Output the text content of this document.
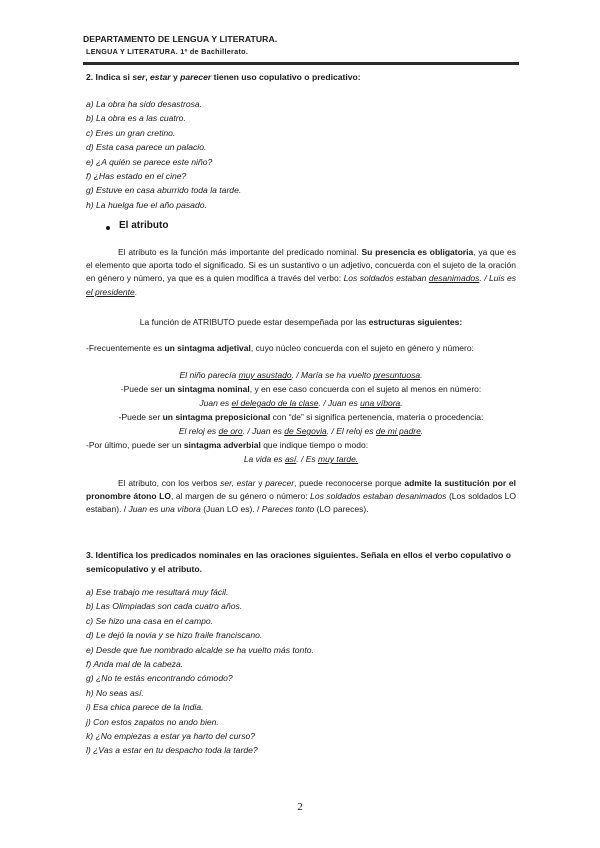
DEPARTAMENTO DE LENGUA Y LITERATURA.
LENGUA Y LITERATURA. 1º de Bachillerato.
2. Indica si ser, estar y parecer tienen uso copulativo o predicativo:
a) La obra ha sido desastrosa.
b) La obra es a las cuatro.
c) Eres un gran cretino.
d) Esta casa parece un palacio.
e) ¿A quién se parece este niño?
f) ¿Has estado en el cine?
g) Estuve en casa aburrido toda la tarde.
h) La huelga fue el año pasado.
El atributo
El atributo es la función más importante del predicado nominal. Su presencia es obligatoria, ya que es el elemento que aporta todo el significado. Si es un sustantivo o un adjetivo, concuerda con el sujeto de la oración en género y número, ya que es a quien modifica a través del verbo: Los soldados estaban desanimados. / Luis es el presidente.
La función de ATRIBUTO puede estar desempeñada por las estructuras siguientes:
-Frecuentemente es un sintagma adjetival, cuyo núcleo concuerda con el sujeto en género y número:
El niño parecía muy asustado. / María se ha vuelto presuntuosa.
-Puede ser un sintagma nominal, y en ese caso concuerda con el sujeto al menos en número:
Juan es el delegado de la clase. / Juan es una víbora.
-Puede ser un sintagma preposicional con “de” si significa pertenencia, materia o procedencia:
El reloj es de oro. / Juan es de Segovia. / El reloj es de mi padre.
-Por último, puede ser un sintagma adverbial que indique tiempo o modo:
La vida es así. / Es muy tarde.
El atributo, con los verbos ser, estar y parecer, puede reconocerse porque admite la sustitución por el pronombre átono LO, al margen de su género o número: Los soldados estaban desanimados (Los soldados LO estaban). / Juan es una víbora (Juan LO es). / Pareces tonto (LO pareces).
3. Identifica los predicados nominales en las oraciones siguientes. Señala en ellos el verbo copulativo o semicopulativo y el atributo.
a) Ese trabajo me resultará muy fácil.
b) Las Olimpiadas son cada cuatro años.
c) Se hizo una casa en el campo.
d) Le dejó la novia y se hizo fraile franciscano.
e) Desde que fue nombrado alcalde se ha vuelto más tonto.
f) Anda mal de la cabeza.
g) ¿No te estás encontrando cómodo?
h) No seas así.
i) Esa chica parece de la India.
j) Con estos zapatos no ando bien.
k) ¿No empiezas a estar ya harto del curso?
l) ¿Vas a estar en tu despacho toda la tarde?
2
